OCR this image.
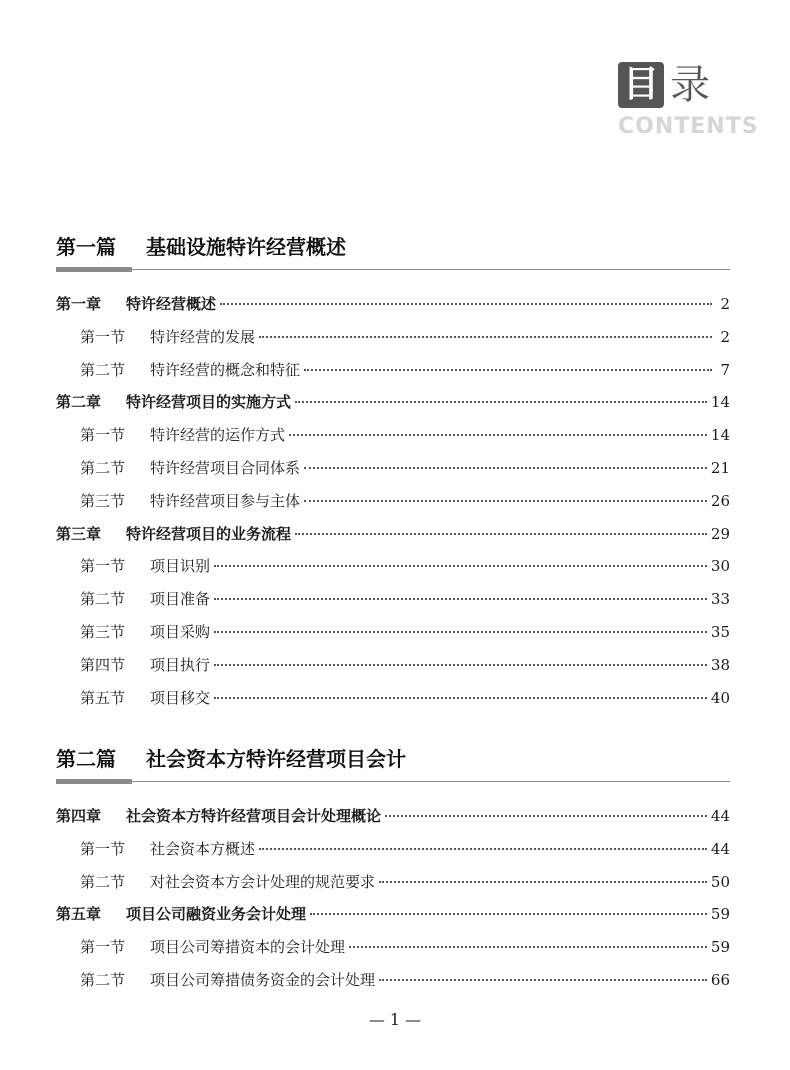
目 录
CONTENTS
第一篇 基础设施特许经营概述
第一章	特许经营概述	2
第一节	特许经营的发展	2
第二节	特许经营的概念和特征	7
第二章	特许经营项目的实施方式	14
第一节	特许经营的运作方式	14
第二节	特许经营项目合同体系	21
第三节	特许经营项目参与主体	26
第三章	特许经营项目的业务流程	29
第一节	项目识别	30
第二节	项目准备	33
第三节	项目采购	35
第四节	项目执行	38
第五节	项目移交	40
第二篇 社会资本方特许经营项目会计
第四章	社会资本方特许经营项目会计处理概论	44
第一节	社会资本方概述	44
第二节	对社会资本方会计处理的规范要求	50
第五章	项目公司融资业务会计处理	59
第一节	项目公司筹措资本的会计处理	59
第二节	项目公司筹措债务资金的会计处理	66
— 1 —
